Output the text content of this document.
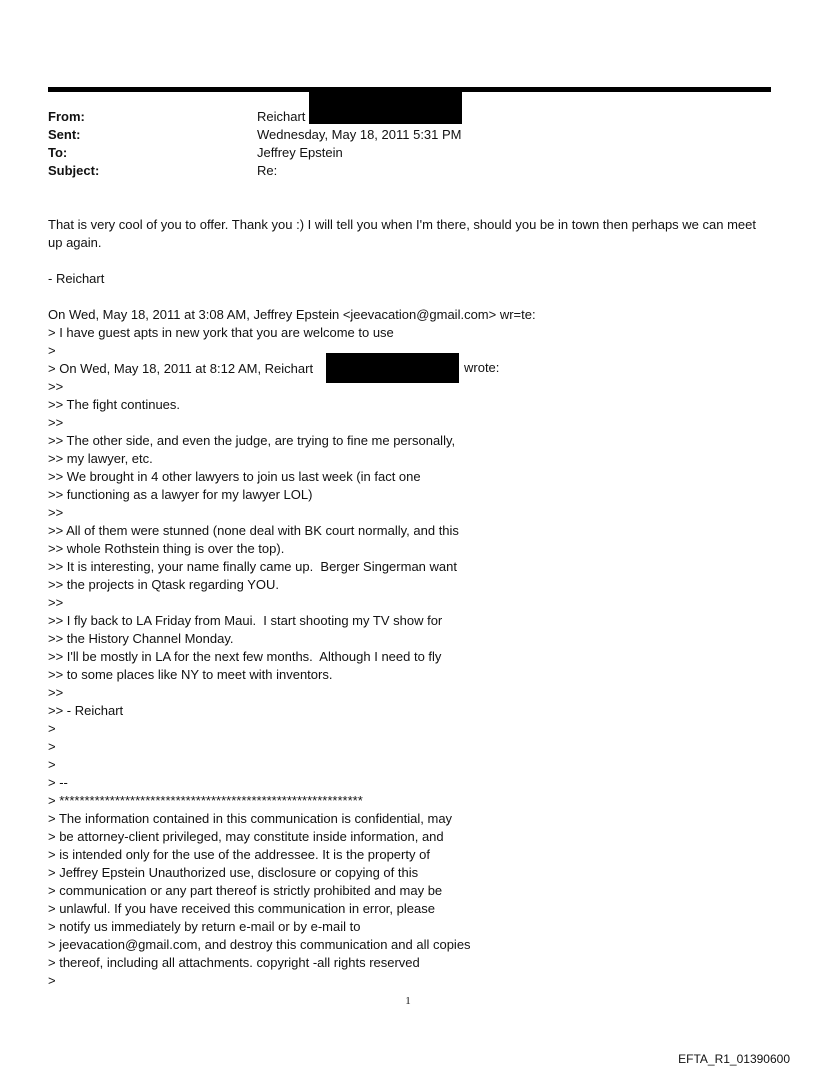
From:	Reichart
Sent:	Wednesday, May 18, 2011 5:31 PM
To:	Jeffrey Epstein
Subject:	Re:

That is very cool of you to offer. Thank you :) I will tell you when I'm there, should you be in town then perhaps we can meet up again.

- Reichart

On Wed, May 18, 2011 at 3:08 AM, Jeffrey Epstein <jeevacation@gmail.com> wr=te:
> I have guest apts in new york that you are welcome to use
>
> On Wed, May 18, 2011 at 8:12 AM, Reichart
>>
>> The fight continues.
>>
>> The other side, and even the judge, are trying to fine me personally,
>> my lawyer, etc.
>> We brought in 4 other lawyers to join us last week (in fact one
>> functioning as a lawyer for my lawyer LOL)
>>
>> All of them were stunned (none deal with BK court normally, and this
>> whole Rothstein thing is over the top).
>> It is interesting, your name finally came up.  Berger Singerman want
>> the projects in Qtask regarding YOU.
>>
>> I fly back to LA Friday from Maui.  I start shooting my TV show for
>> the History Channel Monday.
>> I'll be mostly in LA for the next few months.  Although I need to fly
>> to some places like NY to meet with inventors.
>>
>> - Reichart
>
>
>
> --
> ************************************************************
> The information contained in this communication is confidential, may
> be attorney-client privileged, may constitute inside information, and
> is intended only for the use of the addressee. It is the property of
> Jeffrey Epstein Unauthorized use, disclosure or copying of this
> communication or any part thereof is strictly prohibited and may be
> unlawful. If you have received this communication in error, please
> notify us immediately by return e-mail or by e-mail to
> jeevacation@gmail.com, and destroy this communication and all copies
> thereof, including all attachments. copyright -all rights reserved
>
wrote:
1
EFTA_R1_01390600
